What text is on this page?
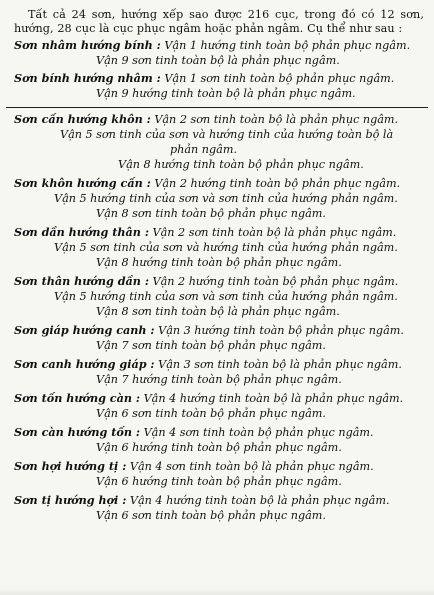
Tất cả 24 sơn, hướng xếp sao được 216 cục, trong đó có 12 sơn, hướng, 28 cục là cục phục ngâm hoặc phản ngâm. Cụ thể như sau :
Sơn nhâm hướng bính : Vận 1 hướng tinh toàn bộ phản phục ngâm.
Vận 9 sơn tinh toàn bộ là phản phục ngâm.
Sơn bính hướng nhâm : Vận 1 sơn tinh toàn bộ phản phục ngâm.
Vận 9 hướng tinh toàn bộ là phản phục ngâm.
Sơn cấn hướng khôn : Vận 2 sơn tinh toàn bộ là phản phục ngâm.
Vận 5 sơn tinh của sơn và hướng tinh của hướng toàn bộ là
phản ngâm.
Vận 8 hướng tinh toàn bộ phản phục ngâm.
Sơn khôn hướng cấn : Vận 2 hướng tinh toàn bộ phản phục ngâm.
Vận 5 hướng tinh của sơn và sơn tinh của hướng phản ngâm.
Vận 8 sơn tinh toàn bộ phản phục ngâm.
Sơn dần hướng thân : Vận 2 sơn tinh toàn bộ là phản phục ngâm.
Vận 5 sơn tinh của sơn và hướng tinh của hướng phản ngâm.
Vận 8 hướng tinh toàn bộ phản phục ngâm.
Sơn thân hướng dần : Vận 2 hướng tinh toàn bộ phản phục ngâm.
Vận 5 hướng tinh của sơn và sơn tinh của hướng phản ngâm.
Vận 8 sơn tinh toàn bộ là phản phục ngâm.
Sơn giáp hướng canh : Vận 3 hướng tinh toàn bộ phản phục ngâm.
Vận 7 sơn tinh toàn bộ phản phục ngâm.
Sơn canh hướng giáp : Vận 3 sơn tinh toàn bộ là phản phục ngâm.
Vận 7 hướng tinh toàn bộ phản phục ngâm.
Sơn tốn hướng càn : Vận 4 hướng tinh toàn bộ là phản phục ngâm.
Vận 6 sơn tinh toàn bộ phản phục ngâm.
Sơn càn hướng tốn : Vận 4 sơn tinh toàn bộ phản phục ngâm.
Vận 6 hướng tinh toàn bộ phản phục ngâm.
Sơn hợi hướng tị : Vận 4 sơn tinh toàn bộ là phản phục ngâm.
Vận 6 hướng tinh toàn bộ phản phục ngâm.
Sơn tị hướng hợi : Vận 4 hướng tinh toàn bộ là phản phục ngâm.
Vận 6 sơn tinh toàn bộ phản phục ngâm.
